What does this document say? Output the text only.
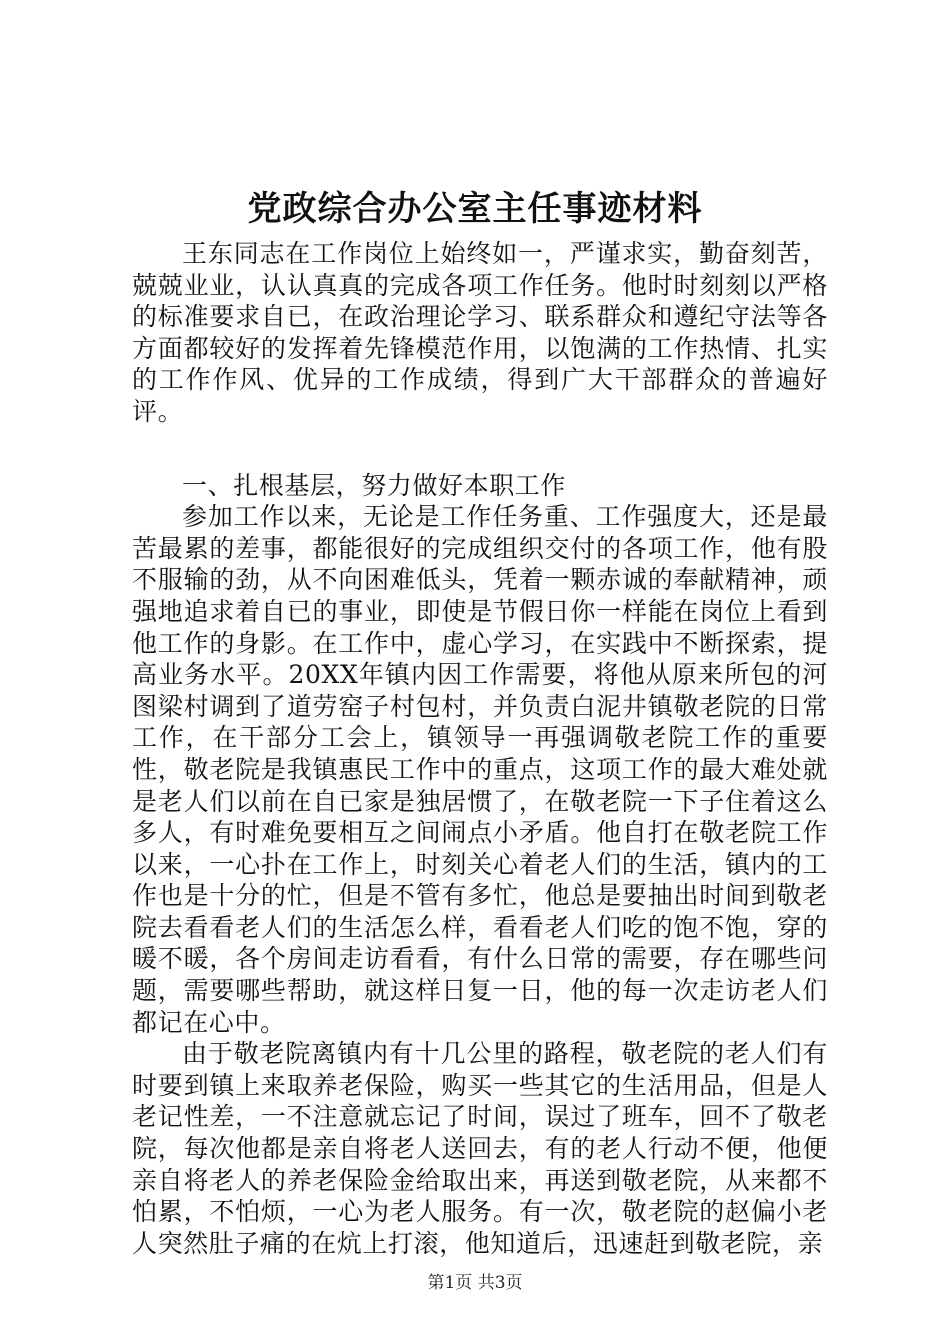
党政综合办公室主任事迹材料

王东同志在工作岗位上始终如一，严谨求实，勤奋刻苦，兢兢业业，认认真真的完成各项工作任务。他时时刻刻以严格的标准要求自已，在政治理论学习、联系群众和遵纪守法等各方面都较好的发挥着先锋模范作用，以饱满的工作热情、扎实的工作作风、优异的工作成绩，得到广大干部群众的普遍好评。

一、扎根基层，努力做好本职工作

参加工作以来，无论是工作任务重、工作强度大，还是最苦最累的差事，都能很好的完成组织交付的各项工作，他有股不服输的劲，从不向困难低头，凭着一颗赤诚的奉献精神，顽强地追求着自已的事业，即使是节假日你一样能在岗位上看到他工作的身影。在工作中，虚心学习，在实践中不断探索，提高业务水平。20XX年镇内因工作需要，将他从原来所包的河图梁村调到了道劳窑子村包村，并负责白泥井镇敬老院的日常工作，在干部分工会上，镇领导一再强调敬老院工作的重要性，敬老院是我镇惠民工作中的重点，这项工作的最大难处就是老人们以前在自已家是独居惯了，在敬老院一下子住着这么多人，有时难免要相互之间闹点小矛盾。他自打在敬老院工作以来，一心扑在工作上，时刻关心着老人们的生活，镇内的工作也是十分的忙，但是不管有多忙，他总是要抽出时间到敬老院去看看老人们的生活怎么样，看看老人们吃的饱不饱，穿的暖不暖，各个房间走访看看，有什么日常的需要，存在哪些问题，需要哪些帮助，就这样日复一日，他的每一次走访老人们都记在心中。

由于敬老院离镇内有十几公里的路程，敬老院的老人们有时要到镇上来取养老保险，购买一些其它的生活用品，但是人老记性差，一不注意就忘记了时间，误过了班车，回不了敬老院，每次他都是亲自将老人送回去，有的老人行动不便，他便亲自将老人的养老保险金给取出来，再送到敬老院，从来都不怕累，不怕烦，一心为老人服务。有一次，敬老院的赵偏小老人突然肚子痛的在炕上打滚，他知道后，迅速赶到敬老院，亲

第1页 共3页
